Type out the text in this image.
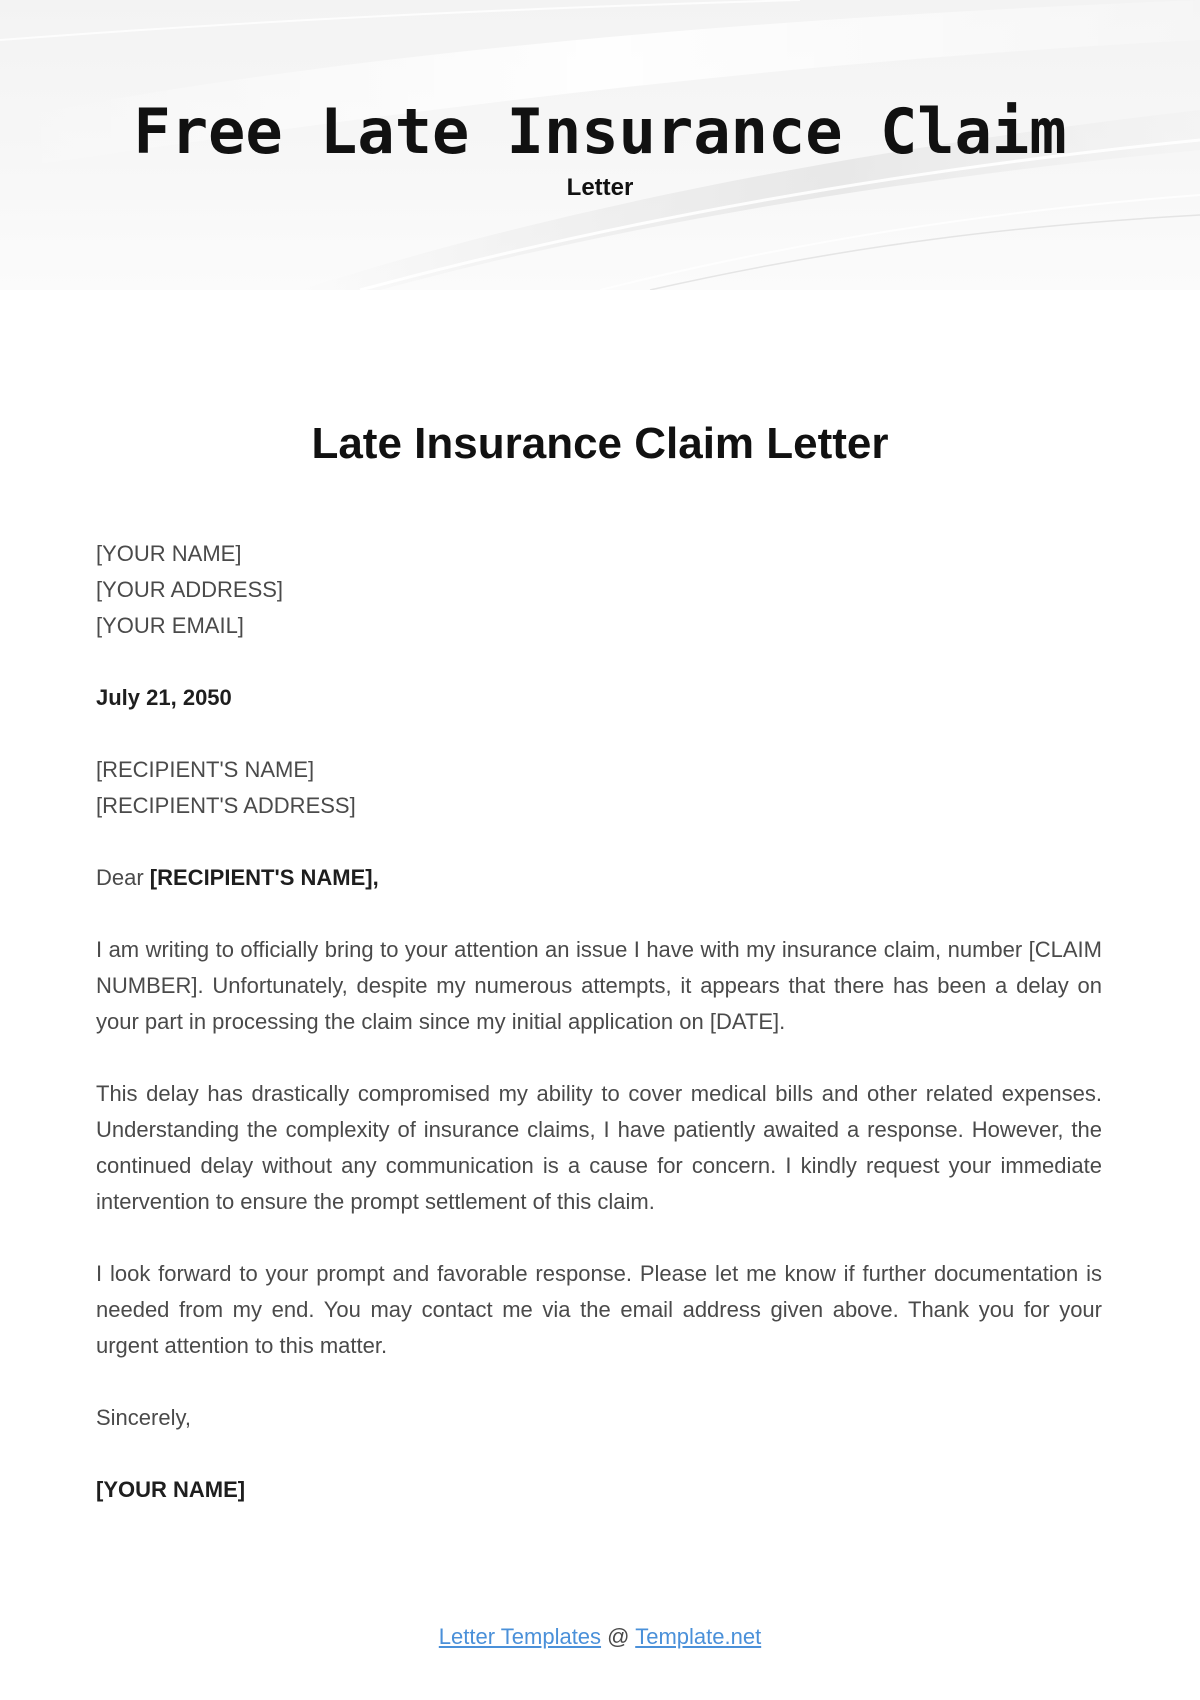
Free Late Insurance Claim
Letter
Late Insurance Claim Letter
[YOUR NAME]
[YOUR ADDRESS]
[YOUR EMAIL]
July 21, 2050
[RECIPIENT'S NAME]
[RECIPIENT'S ADDRESS]
Dear [RECIPIENT'S NAME],

I am writing to officially bring to your attention an issue I have with my insurance claim, number [CLAIM NUMBER]. Unfortunately, despite my numerous attempts, it appears that there has been a delay on your part in processing the claim since my initial application on [DATE].

This delay has drastically compromised my ability to cover medical bills and other related expenses. Understanding the complexity of insurance claims, I have patiently awaited a response. However, the continued delay without any communication is a cause for concern. I kindly request your immediate intervention to ensure the prompt settlement of this claim.

I look forward to your prompt and favorable response. Please let me know if further documentation is needed from my end. You may contact me via the email address given above. Thank you for your urgent attention to this matter.

Sincerely,
[YOUR NAME]
Letter Templates @ Template.net
